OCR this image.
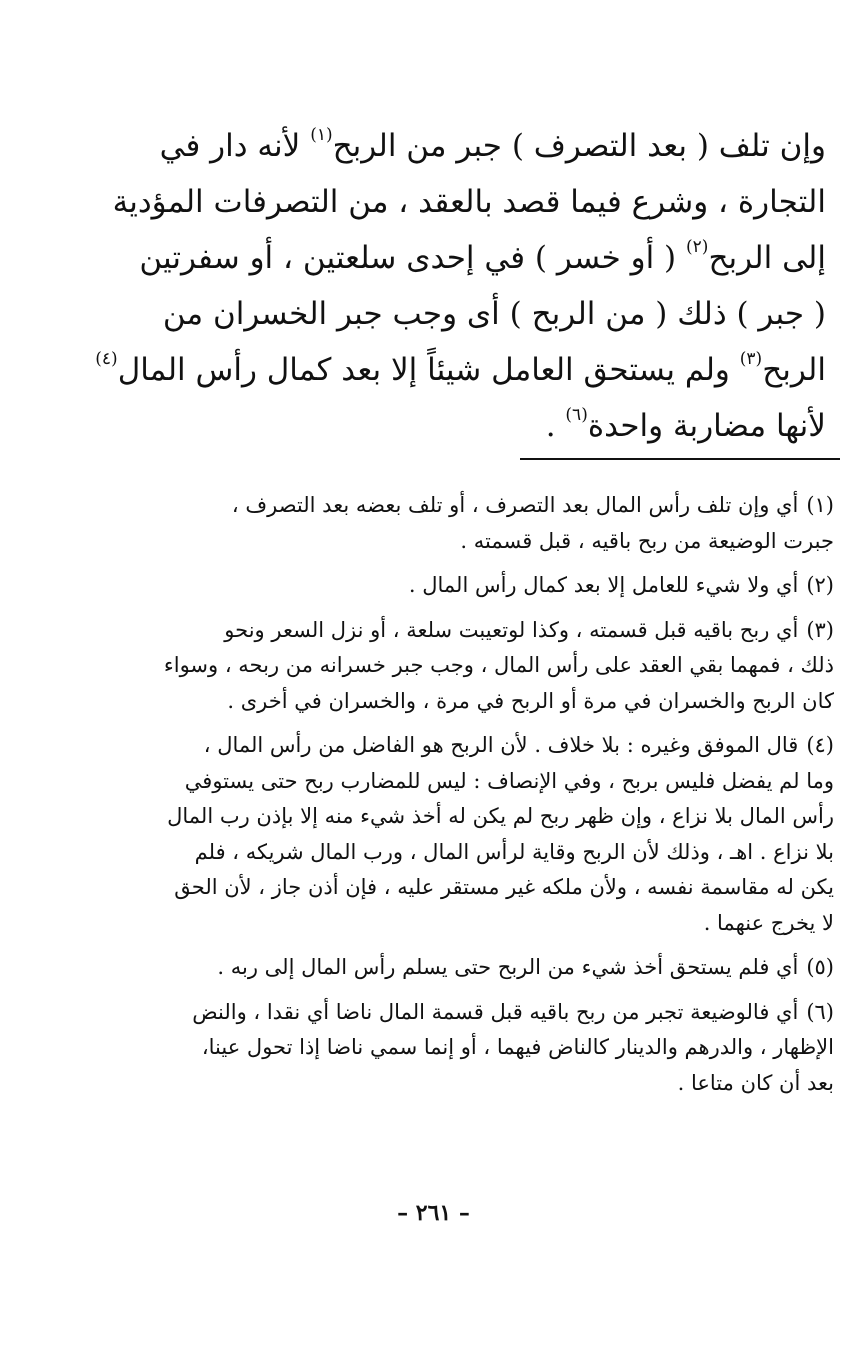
وإن تلف ( بعد التصرف ) جبر من الربح$^{(١)}$ لأنه دار في
التجارة ، وشرع فيما قصد بالعقد ، من التصرفات المؤدية
إلى الربح$^{(٢)}$ ( أو خسر ) في إحدى سلعتين ، أو سفرتين
( جبر ) ذلك ( من الربح ) أى وجب جبر الخسران من
الربح$^{(٣)}$ ولم يستحق العامل شيئاً إلا بعد كمال رأس المال$^{(٤)}$
لأنها مضاربة واحدة$^{(٦)}$ .
(١)أي وإن تلف رأس المال بعد التصرف ، أو تلف بعضه بعد التصرف ،
جبرت الوضيعة من ربح باقيه ، قبل قسمته .
(٢)أي ولا شيء للعامل إلا بعد كمال رأس المال .
(٣)أي ربح باقيه قبل قسمته ، وكذا لوتعيبت سلعة ، أو نزل السعر ونحو
ذلك ، فمهما بقي العقد على رأس المال ، وجب جبر خسرانه من ربحه ، وسواء
كان الربح والخسران في مرة أو الربح في مرة ، والخسران في أخرى .
(٤)قال الموفق وغيره : بلا خلاف . لأن الربح هو الفاضل من رأس المال ،
وما لم يفضل فليس بربح ، وفي الإنصاف : ليس للمضارب ربح حتى يستوفي
رأس المال بلا نزاع ، وإن ظهر ربح لم يكن له أخذ شيء منه إلا بإذن رب المال
بلا نزاع . اهـ ، وذلك لأن الربح وقاية لرأس المال ، ورب المال شريكه ، فلم
يكن له مقاسمة نفسه ، ولأن ملكه غير مستقر عليه ، فإن أذن جاز ، لأن الحق
لا يخرج عنهما .
(٥)أي فلم يستحق أخذ شيء من الربح حتى يسلم رأس المال إلى ربه .
(٦)أي فالوضيعة تجبر من ربح باقيه قبل قسمة المال ناضا أي نقدا ، والنض
الإظهار ، والدرهم والدينار كالناض فيهما ، أو إنما سمي ناضا إذا تحول عينا،
بعد أن كان متاعا .
– ٢٦١ –
